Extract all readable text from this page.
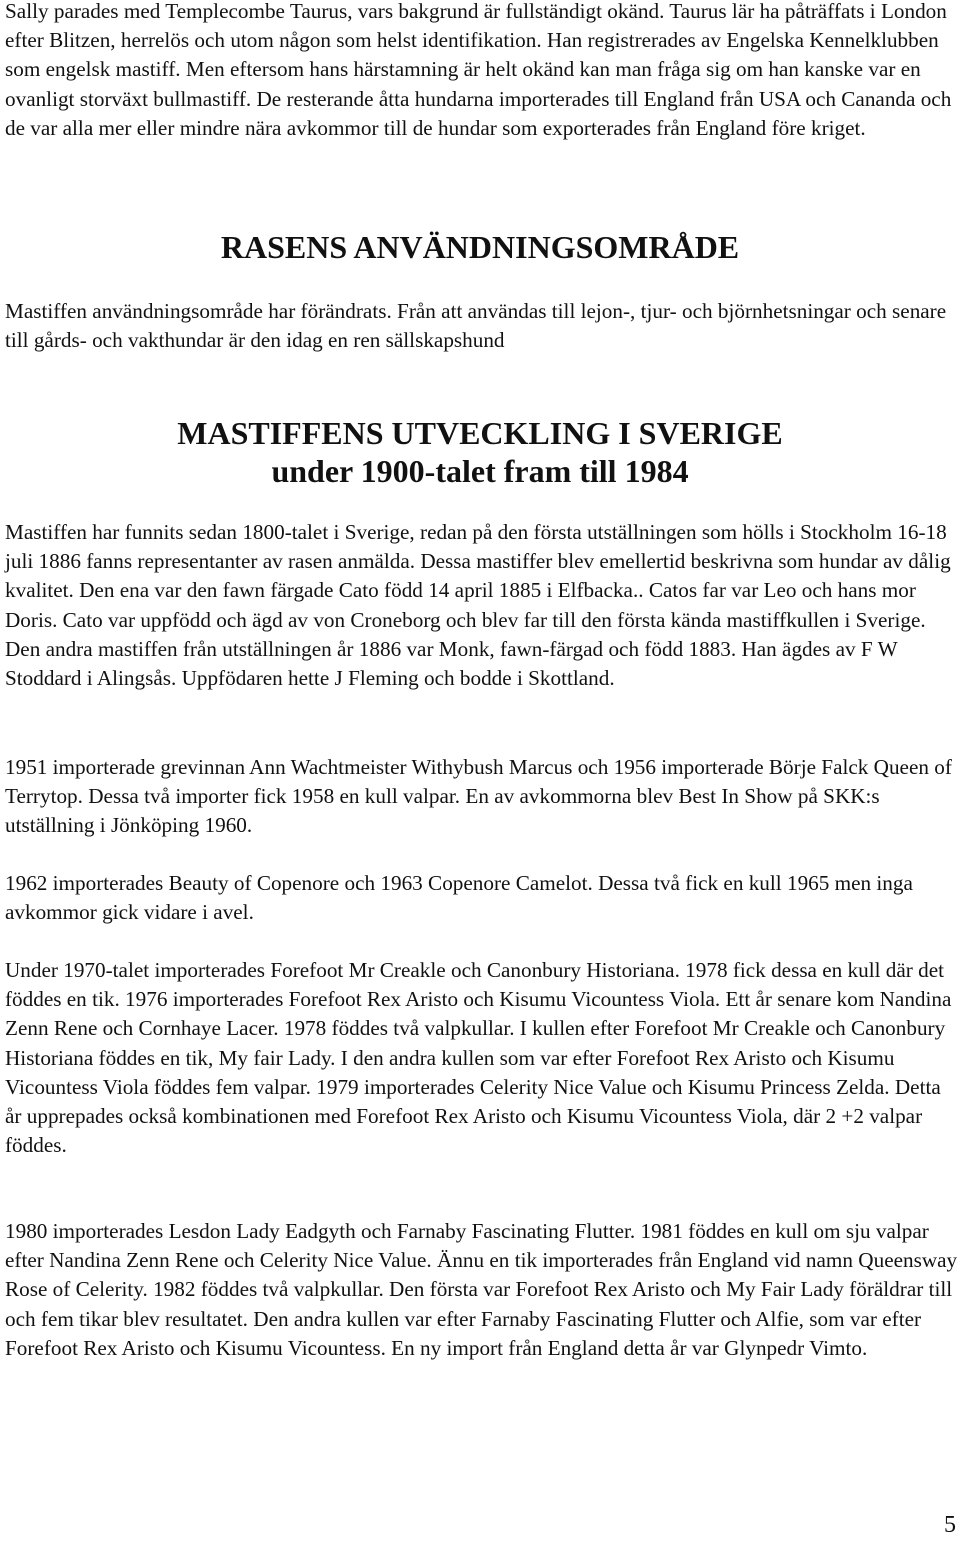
Sally parades med Templecombe Taurus, vars bakgrund är fullständigt okänd. Taurus lär ha påträffats i London efter Blitzen, herrelös och utom någon som helst identifikation. Han registrerades av Engelska Kennelklubben som engelsk mastiff. Men eftersom hans härstamning är helt okänd kan man fråga sig om han kanske var en ovanligt storväxt bullmastiff. De resterande åtta hundarna importerades till England från USA och Cananda och de var alla mer eller mindre nära avkommor till de hundar som exporterades från England före kriget.

RASENS ANVÄNDNINGSOMRÅDE

Mastiffen användningsområde har förändrats. Från att användas till lejon-, tjur- och björnhetsningar och senare till gårds- och vakthundar är den idag en ren sällskapshund

MASTIFFENS UTVECKLING I SVERIGE
under 1900-talet fram till 1984

Mastiffen har funnits sedan 1800-talet i Sverige, redan på den första utställningen som hölls i Stockholm 16-18 juli 1886 fanns representanter av rasen anmälda. Dessa mastiffer blev emellertid beskrivna som hundar av dålig kvalitet. Den ena var den fawn färgade Cato född 14 april 1885 i Elfbacka.. Catos far var Leo och hans mor Doris. Cato var uppfödd och ägd av von Croneborg och blev far till den första kända mastiffkullen i Sverige. Den andra mastiffen från utställningen år 1886 var Monk, fawn-färgad och född 1883. Han ägdes av F W Stoddard i Alingsås. Uppfödaren hette J Fleming och bodde i Skottland.

1951 importerade grevinnan Ann Wachtmeister Withybush Marcus och 1956 importerade Börje Falck Queen of Terrytop. Dessa två importer fick 1958 en kull valpar. En av avkommorna blev Best In Show på SKK:s utställning i Jönköping 1960.

1962 importerades Beauty of Copenore och 1963 Copenore Camelot. Dessa två fick en kull 1965 men inga avkommor gick vidare i avel.

Under 1970-talet importerades Forefoot Mr Creakle och Canonbury Historiana. 1978 fick dessa en kull där det föddes en tik. 1976 importerades Forefoot Rex Aristo och Kisumu Vicountess Viola. Ett år senare kom Nandina Zenn Rene och Cornhaye Lacer. 1978 föddes två valpkullar. I kullen efter Forefoot Mr Creakle och Canonbury Historiana föddes en tik, My fair Lady. I den andra kullen som var efter Forefoot Rex Aristo och Kisumu Vicountess Viola föddes fem valpar. 1979 importerades Celerity Nice Value och Kisumu Princess Zelda. Detta år upprepades också kombinationen med Forefoot Rex Aristo och Kisumu Vicountess Viola, där 2 +2 valpar föddes.

1980 importerades Lesdon Lady Eadgyth och Farnaby Fascinating Flutter. 1981 föddes en kull om sju valpar efter Nandina Zenn Rene och Celerity Nice Value. Ännu en tik importerades från England vid namn Queensway Rose of Celerity. 1982 föddes två valpkullar. Den första var Forefoot Rex Aristo och My Fair Lady föräldrar till och fem tikar blev resultatet. Den andra kullen var efter Farnaby Fascinating Flutter och Alfie, som var efter Forefoot Rex Aristo och Kisumu Vicountess. En ny import från England detta år var Glynpedr Vimto.

5
